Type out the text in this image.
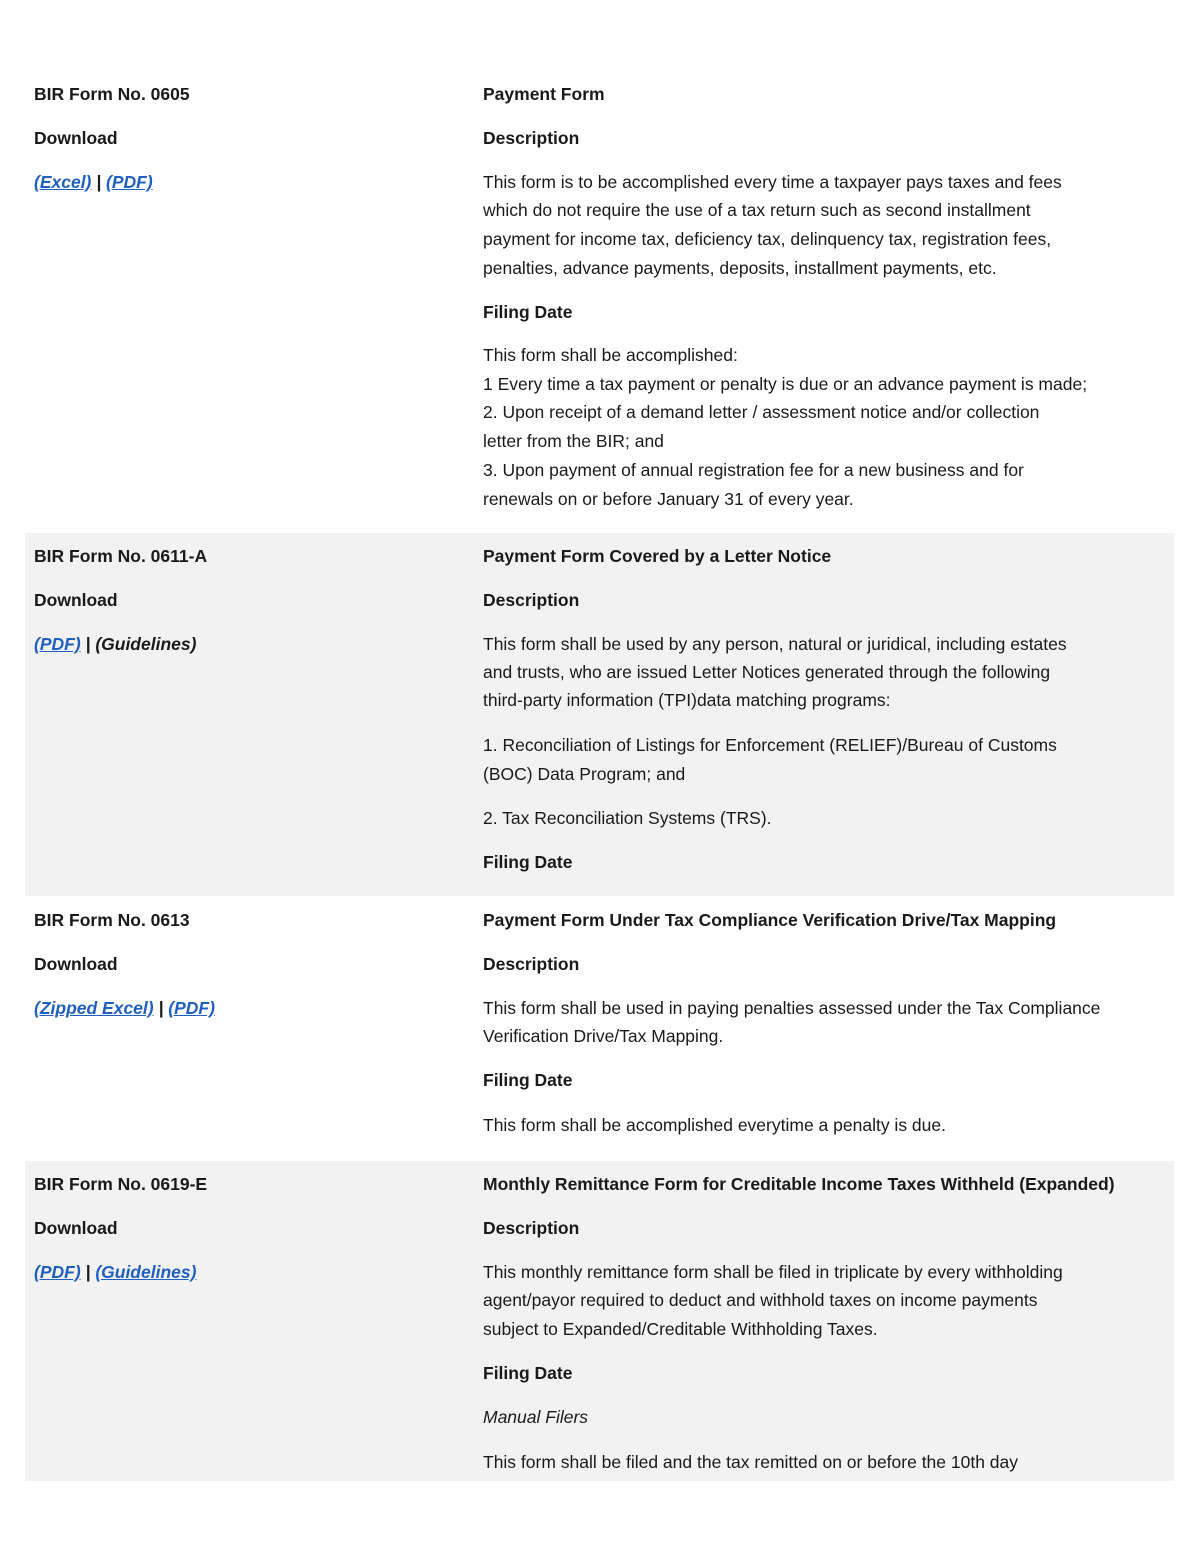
BIR Form No. 0605
Download
(Excel) | (PDF)
Payment Form
Description
This form is to be accomplished every time a taxpayer pays taxes and fees
which do not require the use of a tax return such as second installment
payment for income tax, deficiency tax, delinquency tax, registration fees,
penalties, advance payments, deposits, installment payments, etc.
Filing Date
This form shall be accomplished:
1 Every time a tax payment or penalty is due or an advance payment is made;
2. Upon receipt of a demand letter / assessment notice and/or collection
letter from the BIR; and
3. Upon payment of annual registration fee for a new business and for
renewals on or before January 31 of every year.
BIR Form No. 0611-A
Download
(PDF) | (Guidelines)
Payment Form Covered by a Letter Notice
Description
This form shall be used by any person, natural or juridical, including estates
and trusts, who are issued Letter Notices generated through the following
third-party information (TPI)data matching programs:
1. Reconciliation of Listings for Enforcement (RELIEF)/Bureau of Customs
(BOC) Data Program; and
2. Tax Reconciliation Systems (TRS).
Filing Date
BIR Form No. 0613
Download
(Zipped Excel) | (PDF)
Payment Form Under Tax Compliance Verification Drive/Tax Mapping
Description
This form shall be used in paying penalties assessed under the Tax Compliance
Verification Drive/Tax Mapping.
Filing Date
This form shall be accomplished everytime a penalty is due.
BIR Form No. 0619-E
Download
(PDF) | (Guidelines)
Monthly Remittance Form for Creditable Income Taxes Withheld (Expanded)
Description
This monthly remittance form shall be filed in triplicate by every withholding
agent/payor required to deduct and withhold taxes on income payments
subject to Expanded/Creditable Withholding Taxes.
Filing Date
Manual Filers
This form shall be filed and the tax remitted on or before the 10th day
